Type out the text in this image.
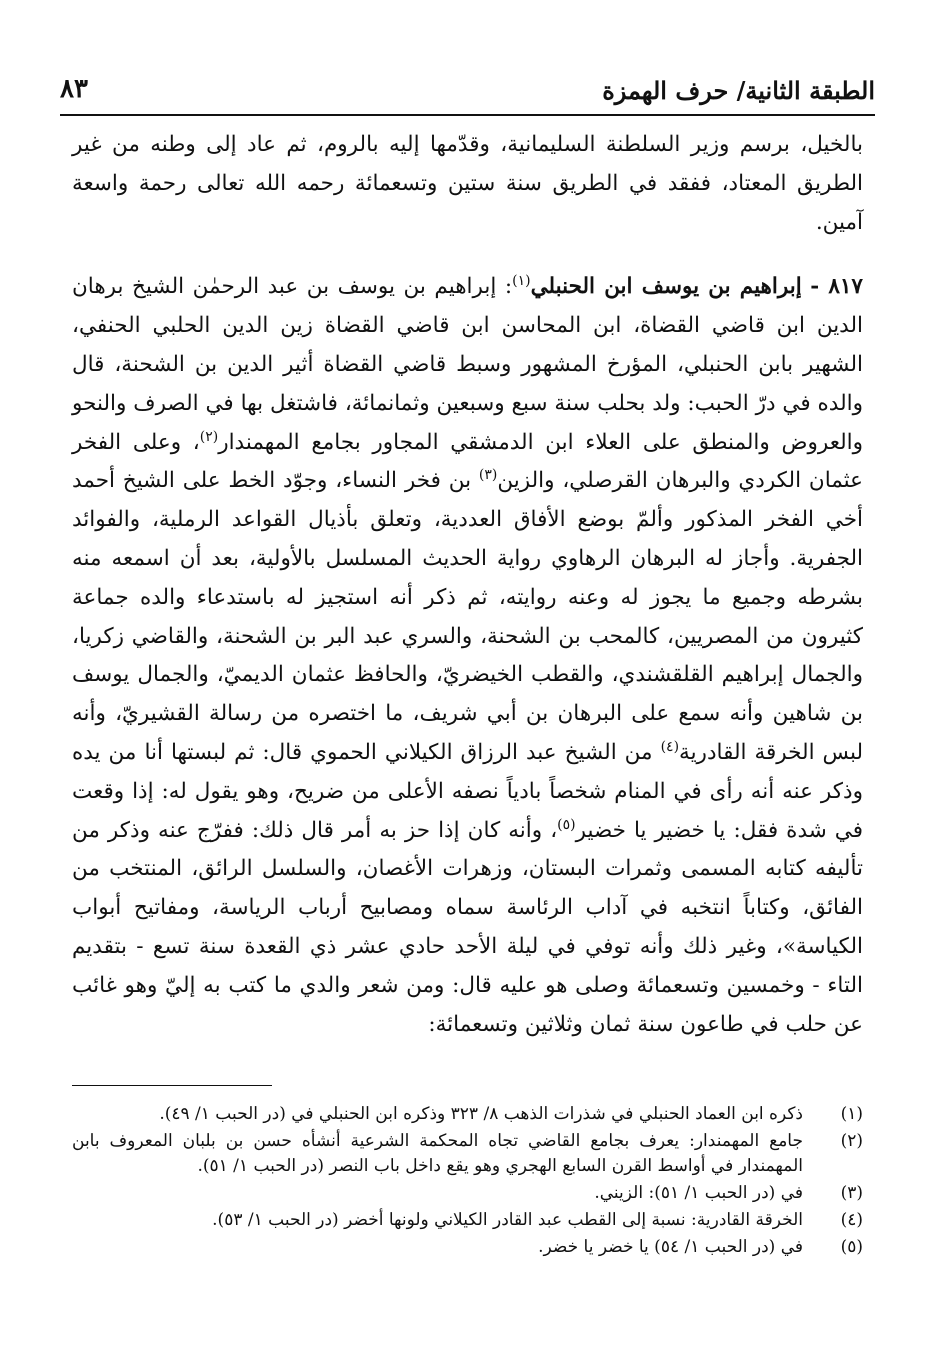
الطبقة الثانية/ حرف الهمزة
٨٣

بالخيل، برسم وزير السلطنة السليمانية، وقدّمها إليه بالروم، ثم عاد إلى وطنه من غير الطريق المعتاد، ففقد في الطريق سنة ستين وتسعمائة رحمه الله تعالى رحمة واسعة آمين.

٨١٧ - إبراهيم بن يوسف ابن الحنبلي$^{(١)}$: إبراهيم بن يوسف بن عبد الرحمٰن الشيخ برهان الدين ابن قاضي القضاة، ابن المحاسن ابن قاضي القضاة زين الدين الحلبي الحنفي، الشهير بابن الحنبلي، المؤرخ المشهور وسبط قاضي القضاة أثير الدين بن الشحنة، قال والده في درّ الحبب: ولد بحلب سنة سبع وسبعين وثمانمائة، فاشتغل بها في الصرف والنحو والعروض والمنطق على العلاء ابن الدمشقي المجاور بجامع المهمندار$^{(٢)}$، وعلى الفخر عثمان الكردي والبرهان القرصلي، والزين$^{(٣)}$ بن فخر النساء، وجوّد الخط على الشيخ أحمد أخي الفخر المذكور وألمّ بوضع الأفاق العددية، وتعلق بأذيال القواعد الرملية، والفوائد الجفرية. وأجاز له البرهان الرهاوي رواية الحديث المسلسل بالأولية، بعد أن اسمعه منه بشرطه وجميع ما يجوز له وعنه روايته، ثم ذكر أنه استجيز له باستدعاء والده جماعة كثيرون من المصريين، كالمحب بن الشحنة، والسري عبد البر بن الشحنة، والقاضي زكريا، والجمال إبراهيم القلقشندي، والقطب الخيضريّ، والحافظ عثمان الديميّ، والجمال يوسف بن شاهين وأنه سمع على البرهان بن أبي شريف، ما اختصره من رسالة القشيريّ، وأنه لبس الخرقة القادرية$^{(٤)}$ من الشيخ عبد الرزاق الكيلاني الحموي قال: ثم لبستها أنا من يده وذكر عنه أنه رأى في المنام شخصاً بادياً نصفه الأعلى من ضريح، وهو يقول له: إذا وقعت في شدة فقل: يا خضير يا خضير$^{(٥)}$، وأنه كان إذا حز به أمر قال ذلك: ففرّج عنه وذكر من تأليفه كتابه المسمى وثمرات البستان، وزهرات الأغصان، والسلسل الرائق، المنتخب من الفائق، وكتاباً انتخبه في آداب الرئاسة سماه ومصابيح أرباب الرياسة، ومفاتيح أبواب الكياسة»، وغير ذلك وأنه توفي في ليلة الأحد حادي عشر ذي القعدة سنة تسع - بتقديم التاء - وخمسين وتسعمائة وصلى هو عليه قال: ومن شعر والدي ما كتب به إليّ وهو غائب عن حلب في طاعون سنة ثمان وثلاثين وتسعمائة:

(١)
ذكره ابن العماد الحنبلي في شذرات الذهب ٨/ ٣٢٣ وذكره ابن الحنبلي في (در الحبب ١/ ٤٩).
(٢)
جامع المهمندار: يعرف بجامع القاضي تجاه المحكمة الشرعية أنشأه حسن بن بلبان المعروف بابن المهمندار في أواسط القرن السابع الهجري وهو يقع داخل باب النصر (در الحبب ١/ ٥١).
(٣)
في (در الحبب ١/ ٥١): الزيني.
(٤)
الخرقة القادرية: نسبة إلى القطب عبد القادر الكيلاني ولونها أخضر (در الحبب ١/ ٥٣).
(٥)
في (در الحبب ١/ ٥٤) يا خضر يا خضر.
